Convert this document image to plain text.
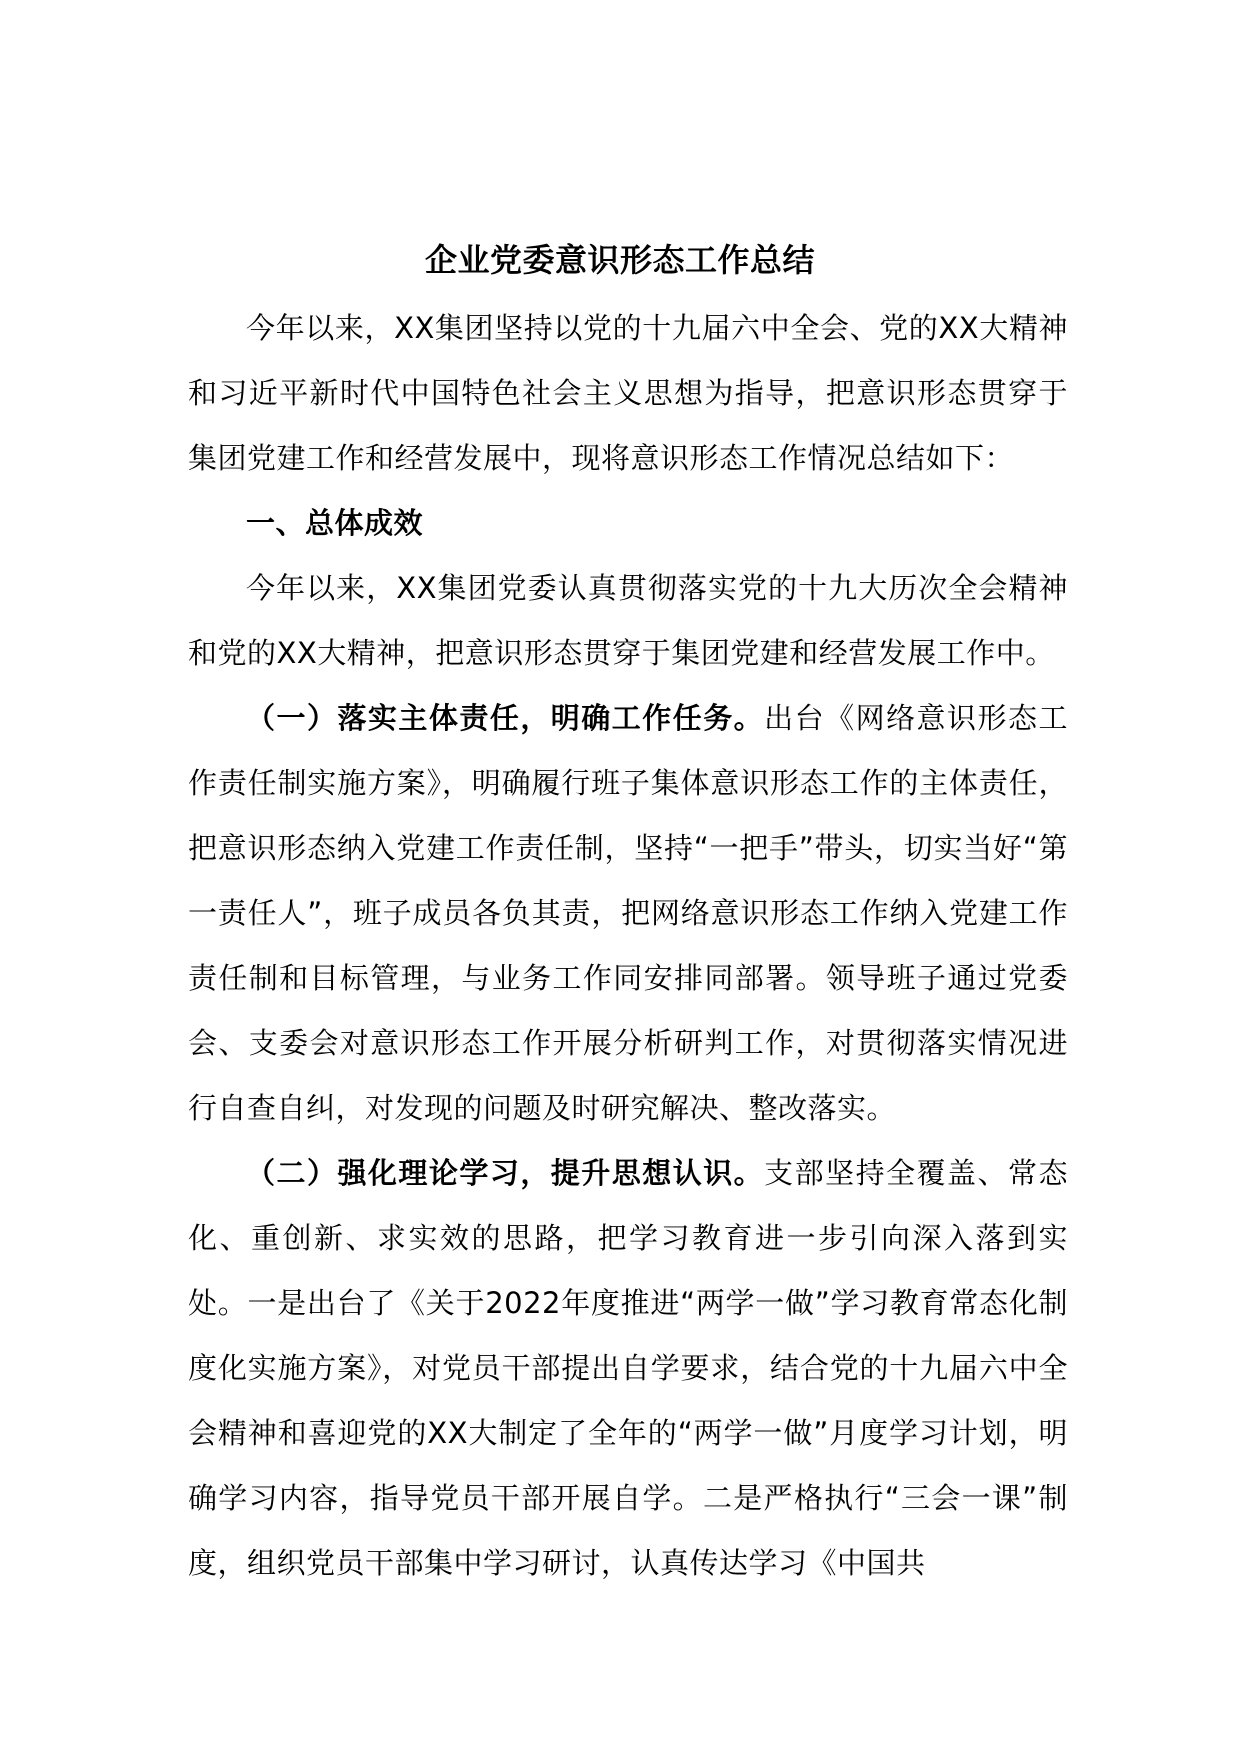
企业党委意识形态工作总结

今年以来，XX集团坚持以党的十九届六中全会、党的XX大精神和习近平新时代中国特色社会主义思想为指导，把意识形态贯穿于集团党建工作和经营发展中，现将意识形态工作情况总结如下：

一、总体成效

今年以来，XX集团党委认真贯彻落实党的十九大历次全会精神和党的XX大精神，把意识形态贯穿于集团党建和经营发展工作中。

（一）落实主体责任，明确工作任务。出台《网络意识形态工作责任制实施方案》，明确履行班子集体意识形态工作的主体责任，把意识形态纳入党建工作责任制，坚持“一把手”带头，切实当好“第一责任人”，班子成员各负其责，把网络意识形态工作纳入党建工作责任制和目标管理，与业务工作同安排同部署。领导班子通过党委会、支委会对意识形态工作开展分析研判工作，对贯彻落实情况进行自查自纠，对发现的问题及时研究解决、整改落实。

（二）强化理论学习，提升思想认识。支部坚持全覆盖、常态化、重创新、求实效的思路，把学习教育进一步引向深入落到实处。一是出台了《关于2022年度推进“两学一做”学习教育常态化制度化实施方案》，对党员干部提出自学要求，结合党的十九届六中全会精神和喜迎党的XX大制定了全年的“两学一做”月度学习计划，明确学习内容，指导党员干部开展自学。二是严格执行“三会一课”制度，组织党员干部集中学习研讨，认真传达学习《中国共
